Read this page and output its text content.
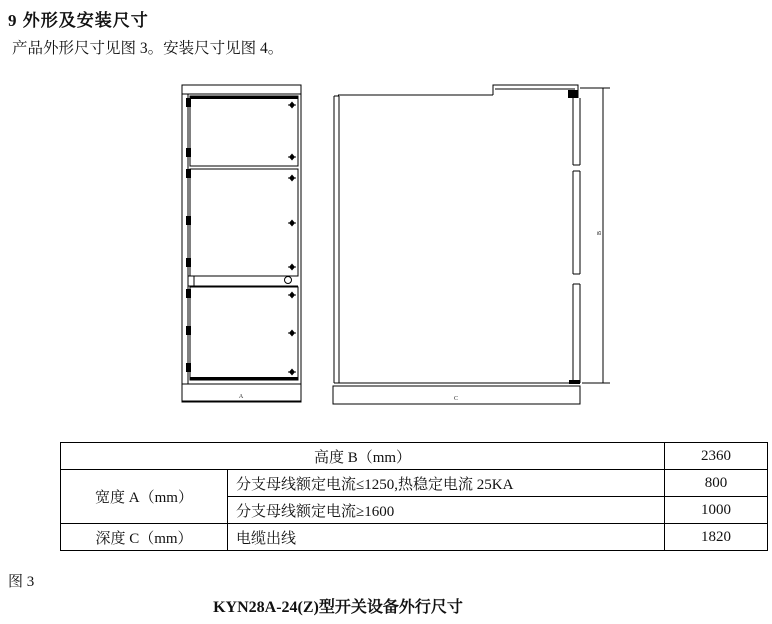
9 外形及安装尺寸
产品外形尺寸见图 3。安装尺寸见图 4。
A	C
B
高度 B（mm）		2360
宽度 A（mm）	分支母线额定电流≤1250,热稳定电流 25KA	800
	分支母线额定电流≥1600	1000
深度 C（mm）	电缆出线	1820
图 3
KYN28A-24(Z)型开关设备外行尺寸
